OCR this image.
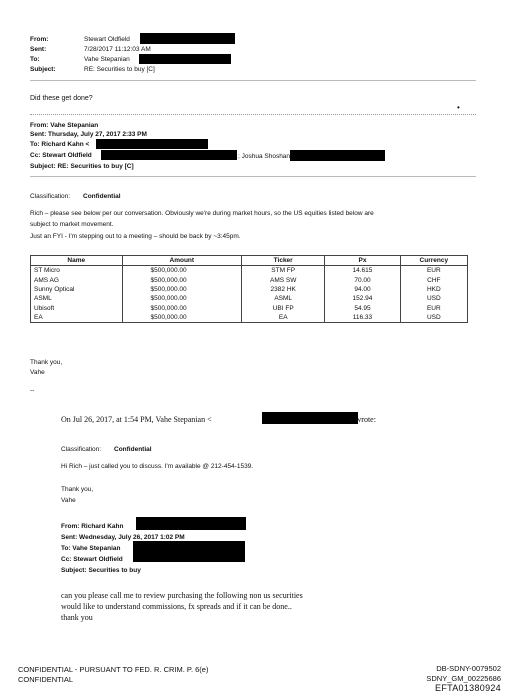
From:	Stewart Oldfield
Sent:	7/28/2017 11:12:03 AM
To:	Vahe Stepanian
Subject:	RE: Securities to buy [C]
Did these get done?
•
From: Vahe Stepanian
Sent: Thursday, July 27, 2017 2:33 PM
To: Richard Kahn <
Cc: Stewart Oldfield	; Joshua Shoshan
Subject: RE: Securities to buy [C]
Classification: Confidential
Rich – please see below per our conversation. Obviously we're during market hours, so the US equities listed below are
subject to market movement.
Just an FYI - I'm stepping out to a meeting – should be back by ~3:45pm.
Name	Amount	Ticker	Px	Currency
ST Micro	$500,000.00	STM FP	14.615	EUR
AMS AG	$500,000.00	AMS SW	70.00	CHF
Sunny Optical	$500,000.00	2382 HK	94.00	HKD
ASML	$500,000.00	ASML	152.94	USD
Ubisoft	$500,000.00	UBI FP	54.95	EUR
EA	$500,000.00	EA	116.33	USD
Thank you,
Vahe
--
On Jul 26, 2017, at 1:54 PM, Vahe Stepanian <	> wrote:
Classification: Confidential
Hi Rich – just called you to discuss. I'm available @ 212-454-1539.
Thank you,
Vahe
From: Richard Kahn
Sent: Wednesday, July 26, 2017 1:02 PM
To: Vahe Stepanian
Cc: Stewart Oldfield
Subject: Securities to buy
can you please call me to review purchasing the following non us securities
would like to understand commissions, fx spreads and if it can be done..
thank you
CONFIDENTIAL - PURSUANT TO FED. R. CRIM. P. 6(e)
CONFIDENTIAL
DB-SDNY-0079502
SDNY_GM_00225686
EFTA01380924
